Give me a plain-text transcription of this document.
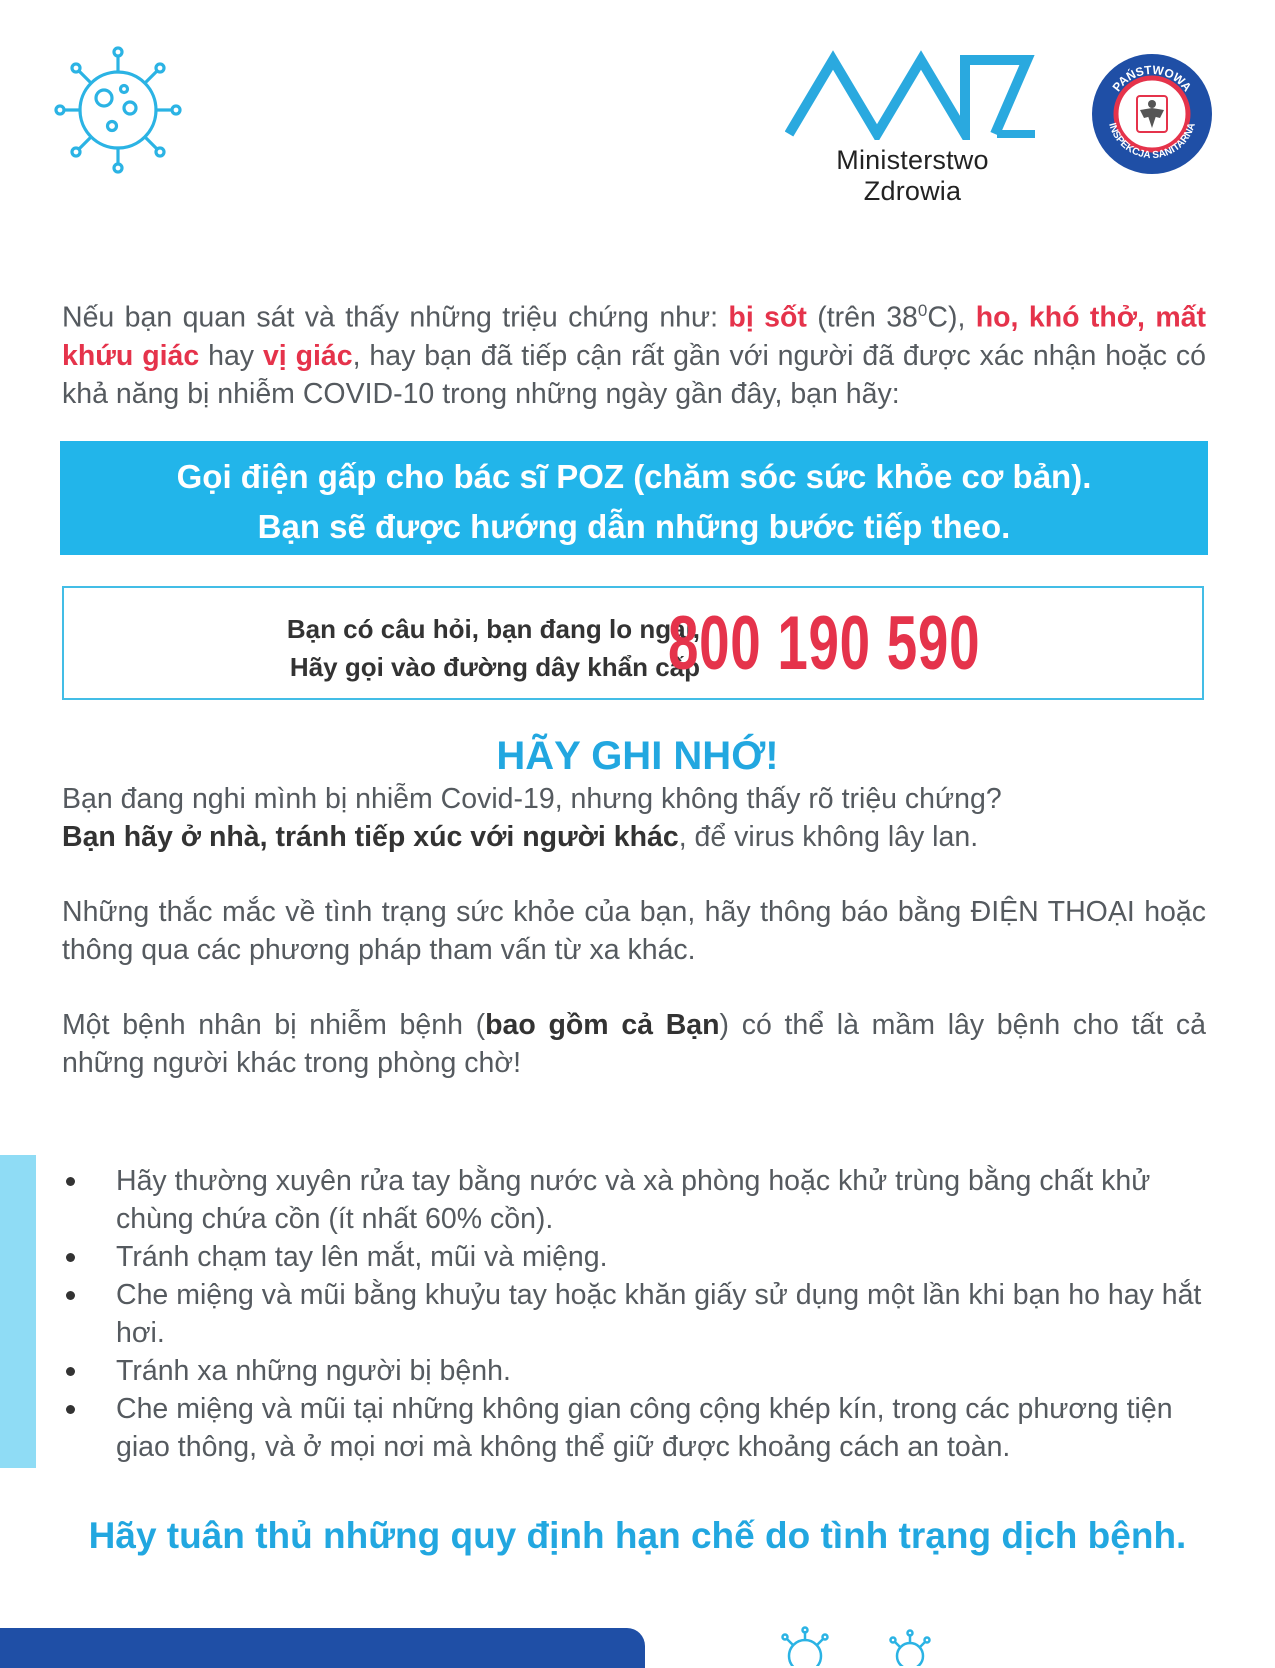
Ministerstwo Zdrowia
PAŃSTWOWA
INSPEKCJA SANITARNA
Nếu bạn quan sát và thấy những triệu chứng như: bị sốt (trên $38^0C$), ho, khó thở, mất khứu giác hay vị giác, hay bạn đã tiếp cận rất gần với người đã được xác nhận hoặc có khả năng bị nhiễm COVID-10 trong những ngày gần đây, bạn hãy:
Gọi điện gấp cho bác sĩ POZ (chăm sóc sức khỏe cơ bản).
Bạn sẽ được hướng dẫn những bước tiếp theo.
Bạn có câu hỏi, bạn đang lo ngại,
Hãy gọi vào đường dây khẩn cấp
800 190 590
HÃY GHI NHỚ!
Bạn đang nghi mình bị nhiễm Covid-19, nhưng không thấy rõ triệu chứng?
Bạn hãy ở nhà, tránh tiếp xúc với người khác, để virus không lây lan.
Những thắc mắc về tình trạng sức khỏe của bạn, hãy thông báo bằng ĐIỆN THOẠI hoặc thông qua các phương pháp tham vấn từ xa khác.
Một bệnh nhân bị nhiễm bệnh (bao gồm cả Bạn) có thể là mầm lây bệnh cho tất cả những người khác trong phòng chờ!
Hãy thường xuyên rửa tay bằng nước và xà phòng hoặc khử trùng bằng chất khử chùng chứa cồn (ít nhất 60% cồn).
Tránh chạm tay lên mắt, mũi và miệng.
Che miệng và mũi bằng khuỷu tay hoặc khăn giấy sử dụng một lần khi bạn ho hay hắt hơi.
Tránh xa những người bị bệnh.
Che miệng và mũi tại những không gian công cộng khép kín, trong các phương tiện giao thông, và ở mọi nơi mà không thể giữ được khoảng cách an toàn.
Hãy tuân thủ những quy định hạn chế do tình trạng dịch bệnh.
